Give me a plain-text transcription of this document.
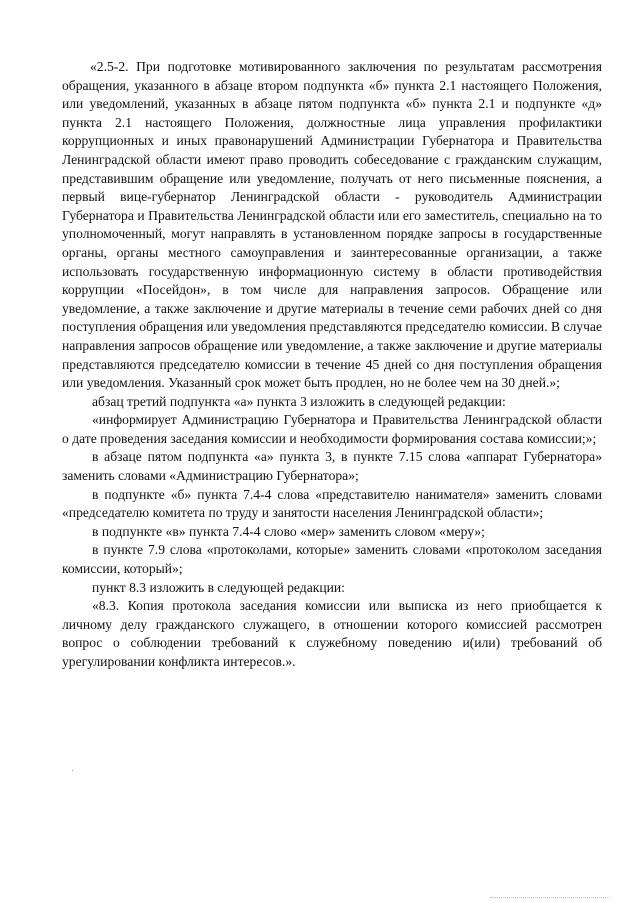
«2.5-2. При подготовке мотивированного заключения по результатам рассмотрения обращения, указанного в абзаце втором подпункта «б» пункта 2.1 настоящего Положения, или уведомлений, указанных в абзаце пятом подпункта «б» пункта 2.1 и подпункте «д» пункта 2.1 настоящего Положения, должностные лица управления профилактики коррупционных и иных правонарушений Администрации Губернатора и Правительства Ленинградской области имеют право проводить собеседование с гражданским служащим, представившим обращение или уведомление, получать от него письменные пояснения, а первый вице-губернатор Ленинградской области - руководитель Администрации Губернатора и Правительства Ленинградской области или его заместитель, специально на то уполномоченный, могут направлять в установленном порядке запросы в государственные органы, органы местного самоуправления и заинтересованные организации, а также использовать государственную информационную систему в области противодействия коррупции «Посейдон», в том числе для направления запросов. Обращение или уведомление, а также заключение и другие материалы в течение семи рабочих дней со дня поступления обращения или уведомления представляются председателю комиссии. В случае направления запросов обращение или уведомление, а также заключение и другие материалы представляются председателю комиссии в течение 45 дней со дня поступления обращения или уведомления. Указанный срок может быть продлен, но не более чем на 30 дней.»;

абзац третий подпункта «а» пункта 3 изложить в следующей редакции:

«информирует Администрацию Губернатора и Правительства Ленинградской области о дате проведения заседания комиссии и необходимости формирования состава комиссии;»;

в абзаце пятом подпункта «а» пункта 3, в пункте 7.15 слова «аппарат Губернатора» заменить словами «Администрацию Губернатора»;

в подпункте «б» пункта 7.4-4 слова «представителю нанимателя» заменить словами «председателю комитета по труду и занятости населения Ленинградской области»;

в подпункте «в» пункта 7.4-4 слово «мер» заменить словом «меру»;

в пункте 7.9 слова «протоколами, которые» заменить словами «протоколом заседания комиссии, который»;

пункт 8.3 изложить в следующей редакции:

«8.3. Копия протокола заседания комиссии или выписка из него приобщается к личному делу гражданского служащего, в отношении которого комиссией рассмотрен вопрос о соблюдении требований к служебному поведению и(или) требований об урегулировании конфликта интересов.».
